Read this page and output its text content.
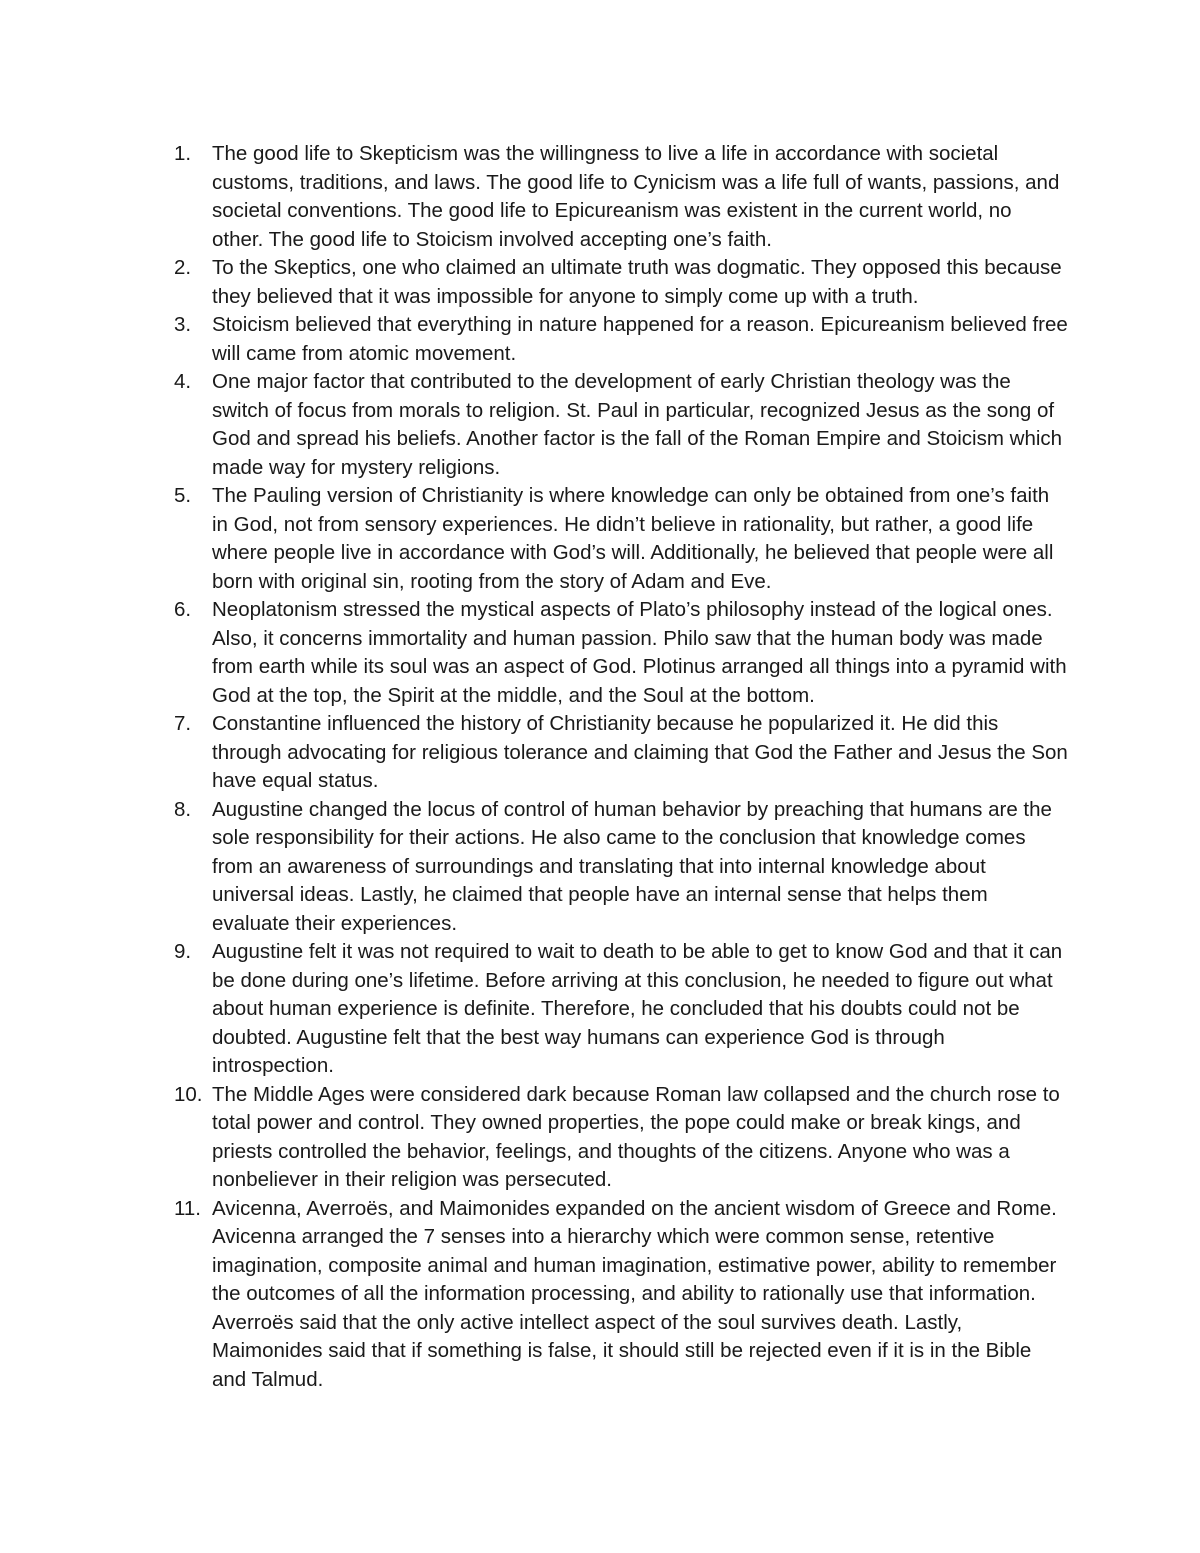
1. The good life to Skepticism was the willingness to live a life in accordance with societal customs, traditions, and laws. The good life to Cynicism was a life full of wants, passions, and societal conventions. The good life to Epicureanism was existent in the current world, no other. The good life to Stoicism involved accepting one’s faith.
2. To the Skeptics, one who claimed an ultimate truth was dogmatic. They opposed this because they believed that it was impossible for anyone to simply come up with a truth.
3. Stoicism believed that everything in nature happened for a reason. Epicureanism believed free will came from atomic movement.
4. One major factor that contributed to the development of early Christian theology was the switch of focus from morals to religion. St. Paul in particular, recognized Jesus as the song of God and spread his beliefs. Another factor is the fall of the Roman Empire and Stoicism which made way for mystery religions.
5. The Pauling version of Christianity is where knowledge can only be obtained from one’s faith in God, not from sensory experiences. He didn’t believe in rationality, but rather, a good life where people live in accordance with God’s will. Additionally, he believed that people were all born with original sin, rooting from the story of Adam and Eve.
6. Neoplatonism stressed the mystical aspects of Plato’s philosophy instead of the logical ones. Also, it concerns immortality and human passion. Philo saw that the human body was made from earth while its soul was an aspect of God. Plotinus arranged all things into a pyramid with God at the top, the Spirit at the middle, and the Soul at the bottom.
7. Constantine influenced the history of Christianity because he popularized it. He did this through advocating for religious tolerance and claiming that God the Father and Jesus the Son have equal status.
8. Augustine changed the locus of control of human behavior by preaching that humans are the sole responsibility for their actions. He also came to the conclusion that knowledge comes from an awareness of surroundings and translating that into internal knowledge about universal ideas. Lastly, he claimed that people have an internal sense that helps them evaluate their experiences.
9. Augustine felt it was not required to wait to death to be able to get to know God and that it can be done during one’s lifetime. Before arriving at this conclusion, he needed to figure out what about human experience is definite. Therefore, he concluded that his doubts could not be doubted. Augustine felt that the best way humans can experience God is through introspection.
10. The Middle Ages were considered dark because Roman law collapsed and the church rose to total power and control. They owned properties, the pope could make or break kings, and priests controlled the behavior, feelings, and thoughts of the citizens. Anyone who was a nonbeliever in their religion was persecuted.
11. Avicenna, Averroës, and Maimonides expanded on the ancient wisdom of Greece and Rome. Avicenna arranged the 7 senses into a hierarchy which were common sense, retentive imagination, composite animal and human imagination, estimative power, ability to remember the outcomes of all the information processing, and ability to rationally use that information. Averroës said that the only active intellect aspect of the soul survives death. Lastly, Maimonides said that if something is false, it should still be rejected even if it is in the Bible and Talmud.
